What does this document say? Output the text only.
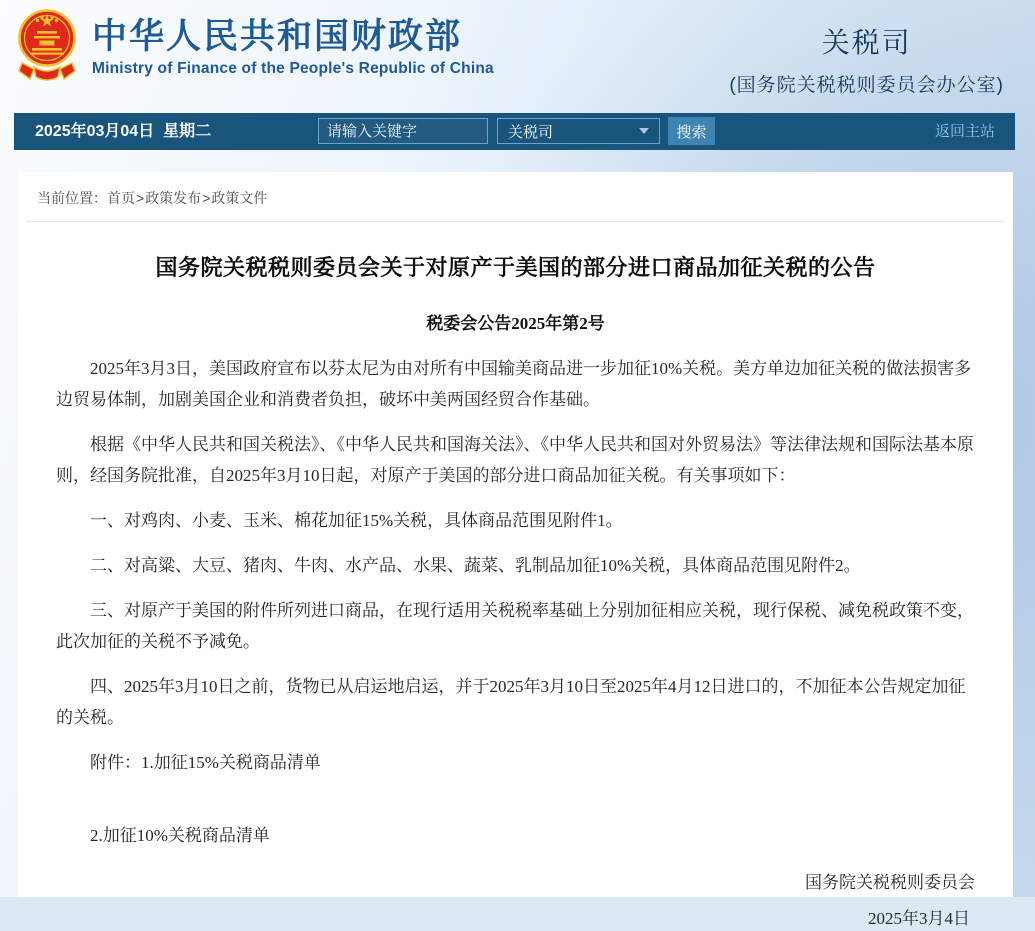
中华人民共和国财政部
Ministry of Finance of the People's Republic of China
关税司
(国务院关税税则委员会办公室)
2025年03月04日  星期二
请输入关键字	关税司	搜索	返回主站
当前位置：首页>政策发布>政策文件
国务院关税税则委员会关于对原产于美国的部分进口商品加征关税的公告
税委会公告2025年第2号

2025年3月3日，美国政府宣布以芬太尼为由对所有中国输美商品进一步加征10%关税。美方单边加征关税的做法损害多边贸易体制，加剧美国企业和消费者负担，破坏中美两国经贸合作基础。

根据《中华人民共和国关税法》、《中华人民共和国海关法》、《中华人民共和国对外贸易法》等法律法规和国际法基本原则，经国务院批准，自2025年3月10日起，对原产于美国的部分进口商品加征关税。有关事项如下：

一、对鸡肉、小麦、玉米、棉花加征15%关税，具体商品范围见附件1。

二、对高粱、大豆、猪肉、牛肉、水产品、水果、蔬菜、乳制品加征10%关税，具体商品范围见附件2。

三、对原产于美国的附件所列进口商品，在现行适用关税税率基础上分别加征相应关税，现行保税、减免税政策不变，此次加征的关税不予减免。

四、2025年3月10日之前，货物已从启运地启运，并于2025年3月10日至2025年4月12日进口的，不加征本公告规定加征的关税。

附件：1.加征15%关税商品清单

2.加征10%关税商品清单

国务院关税税则委员会
2025年3月4日
